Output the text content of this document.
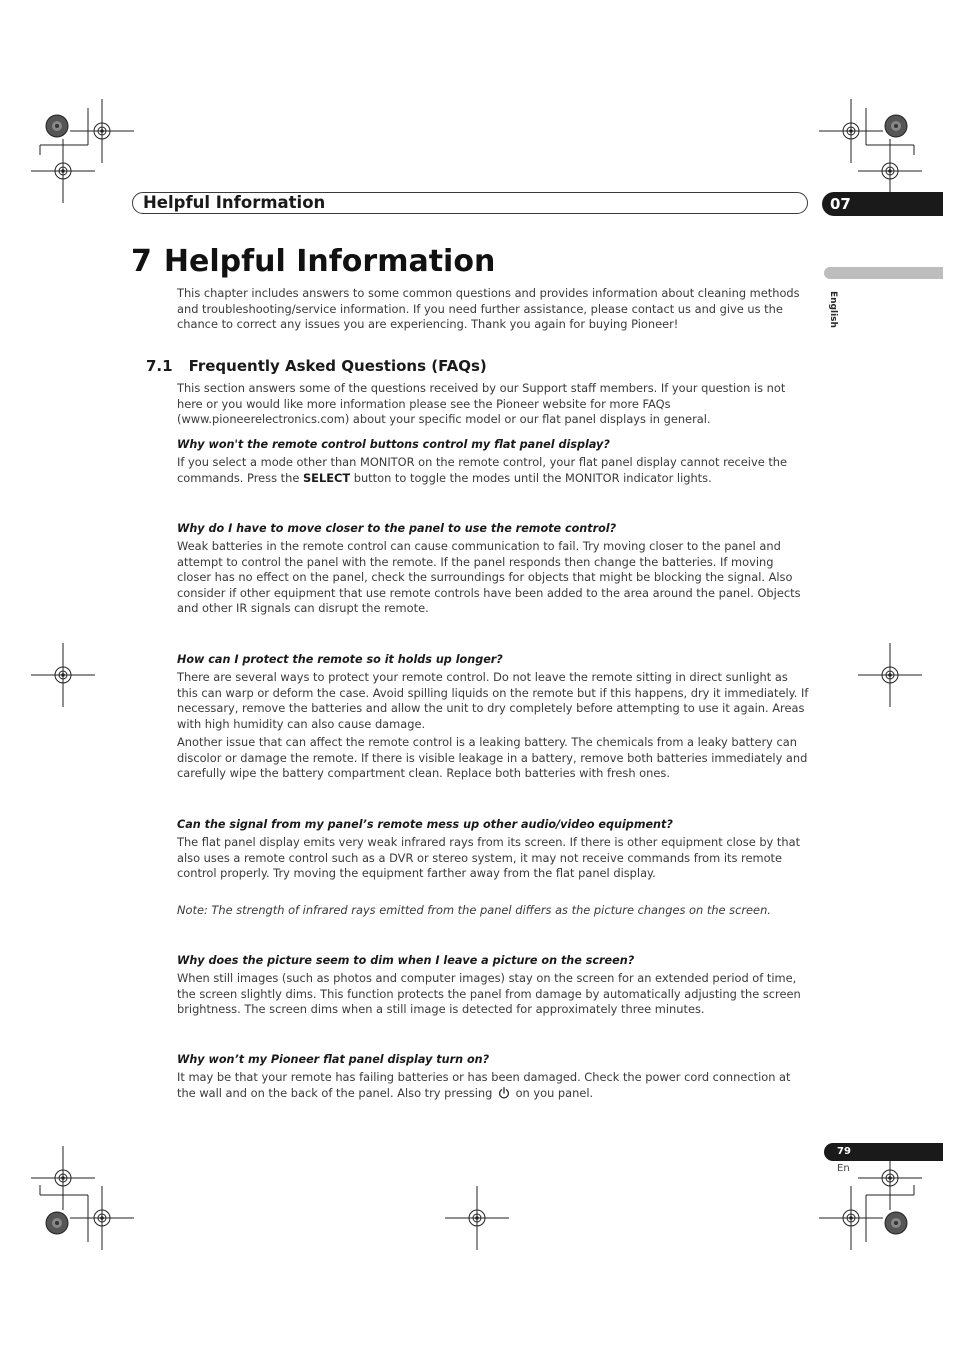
Helpful Information	07
English
7 Helpful Information

This chapter includes answers to some common questions and provides information about cleaning methods and troubleshooting/service information. If you need further assistance, please contact us and give us the chance to correct any issues you are experiencing. Thank you again for buying Pioneer!

7.1 Frequently Asked Questions (FAQs)

This section answers some of the questions received by our Support staff members. If your question is not here or you would like more information please see the Pioneer website for more FAQs (www.pioneerelectronics.com) about your specific model or our flat panel displays in general.

Why won't the remote control buttons control my flat panel display?

If you select a mode other than MONITOR on the remote control, your flat panel display cannot receive the commands. Press the SELECT button to toggle the modes until the MONITOR indicator lights.

Why do I have to move closer to the panel to use the remote control?

Weak batteries in the remote control can cause communication to fail. Try moving closer to the panel and attempt to control the panel with the remote. If the panel responds then change the batteries. If moving closer has no effect on the panel, check the surroundings for objects that might be blocking the signal. Also consider if other equipment that use remote controls have been added to the area around the panel. Objects and other IR signals can disrupt the remote.

How can I protect the remote so it holds up longer?

There are several ways to protect your remote control. Do not leave the remote sitting in direct sunlight as this can warp or deform the case. Avoid spilling liquids on the remote but if this happens, dry it immediately. If necessary, remove the batteries and allow the unit to dry completely before attempting to use it again. Areas with high humidity can also cause damage.

Another issue that can affect the remote control is a leaking battery. The chemicals from a leaky battery can discolor or damage the remote. If there is visible leakage in a battery, remove both batteries immediately and carefully wipe the battery compartment clean. Replace both batteries with fresh ones.

Can the signal from my panel’s remote mess up other audio/video equipment?

The flat panel display emits very weak infrared rays from its screen. If there is other equipment close by that also uses a remote control such as a DVR or stereo system, it may not receive commands from its remote control properly. Try moving the equipment farther away from the flat panel display.

Note: The strength of infrared rays emitted from the panel differs as the picture changes on the screen.

Why does the picture seem to dim when I leave a picture on the screen?

When still images (such as photos and computer images) stay on the screen for an extended period of time, the screen slightly dims. This function protects the panel from damage by automatically adjusting the screen brightness. The screen dims when a still image is detected for approximately three minutes.

Why won’t my Pioneer flat panel display turn on?

It may be that your remote has failing batteries or has been damaged. Check the power cord connection at the wall and on the back of the panel. Also try pressing  on you panel.

79
En
